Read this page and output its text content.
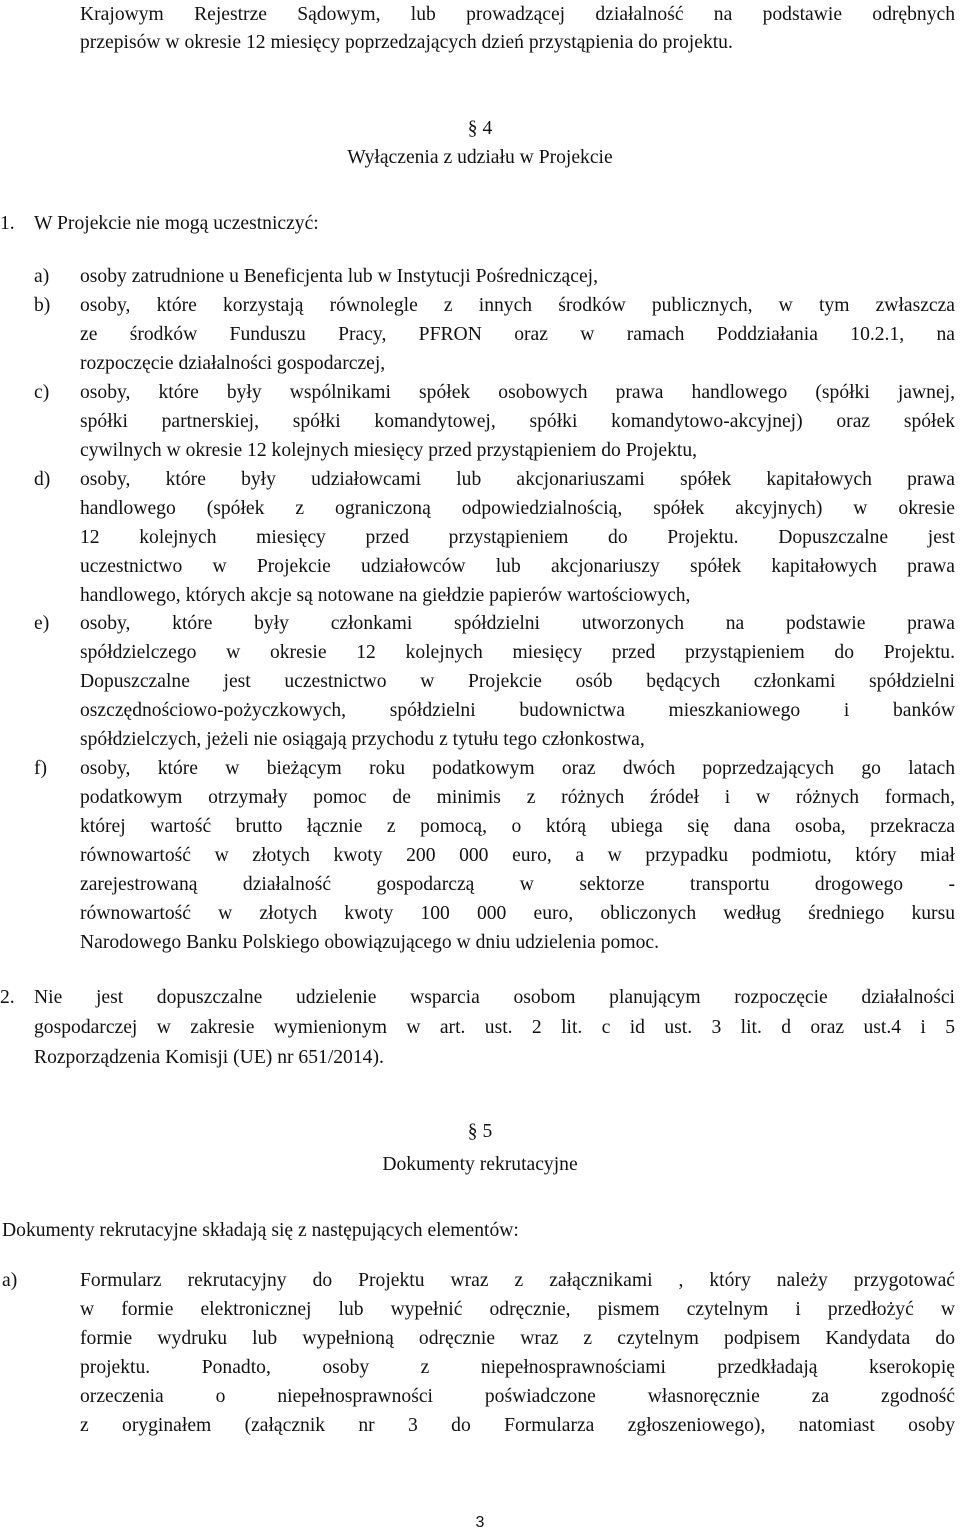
Krajowym Rejestrze Sądowym, lub prowadzącej działalność na podstawie odrębnych
przepisów w okresie 12 miesięcy poprzedzających dzień przystąpienia do projektu.
§ 4
Wyłączenia z udziału w Projekcie
1. W Projekcie nie mogą uczestniczyć:
a) osoby zatrudnione u Beneficjenta lub w Instytucji Pośredniczącej,
b) osoby, które korzystają równolegle z innych środków publicznych, w tym zwłaszcza
ze środków Funduszu Pracy, PFRON oraz w ramach Poddziałania 10.2.1, na
rozpoczęcie działalności gospodarczej,
c) osoby, które były wspólnikami spółek osobowych prawa handlowego (spółki jawnej,
spółki partnerskiej, spółki komandytowej, spółki komandytowo-akcyjnej) oraz spółek
cywilnych w okresie 12 kolejnych miesięcy przed przystąpieniem do Projektu,
d) osoby, które były udziałowcami lub akcjonariuszami spółek kapitałowych prawa
handlowego (spółek z ograniczoną odpowiedzialnością, spółek akcyjnych) w okresie
12 kolejnych miesięcy przed przystąpieniem do Projektu. Dopuszczalne jest
uczestnictwo w Projekcie udziałowców lub akcjonariuszy spółek kapitałowych prawa
handlowego, których akcje są notowane na giełdzie papierów wartościowych,
e) osoby, które były członkami spółdzielni utworzonych na podstawie prawa
spółdzielczego w okresie 12 kolejnych miesięcy przed przystąpieniem do Projektu.
Dopuszczalne jest uczestnictwo w Projekcie osób będących członkami spółdzielni
oszczędnościowo-pożyczkowych, spółdzielni budownictwa mieszkaniowego i banków
spółdzielczych, jeżeli nie osiągają przychodu z tytułu tego członkostwa,
f) osoby, które w bieżącym roku podatkowym oraz dwóch poprzedzających go latach
podatkowym otrzymały pomoc de minimis z różnych źródeł i w różnych formach,
której wartość brutto łącznie z pomocą, o którą ubiega się dana osoba, przekracza
równowartość w złotych kwoty 200 000 euro, a w przypadku podmiotu, który miał
zarejestrowaną działalność gospodarczą w sektorze transportu drogowego -
równowartość w złotych kwoty 100 000 euro, obliczonych według średniego kursu
Narodowego Banku Polskiego obowiązującego w dniu udzielenia pomoc.
2. Nie jest dopuszczalne udzielenie wsparcia osobom planującym rozpoczęcie działalności
gospodarczej w zakresie wymienionym w art. ust. 2 lit. c id ust. 3 lit. d oraz ust.4 i 5
Rozporządzenia Komisji (UE) nr 651/2014).
§ 5
Dokumenty rekrutacyjne
Dokumenty rekrutacyjne składają się z następujących elementów:
a)	Formularz rekrutacyjny do Projektu wraz z załącznikami , który należy przygotować
w formie elektronicznej lub wypełnić odręcznie, pismem czytelnym i przedłożyć w
formie wydruku lub wypełnioną odręcznie wraz z czytelnym podpisem Kandydata do
projektu. Ponadto, osoby z niepełnosprawnościami przedkładają kserokopię
orzeczenia o niepełnosprawności poświadczone własnoręcznie za zgodność
z oryginałem (załącznik nr 3 do Formularza zgłoszeniowego), natomiast osoby
3
